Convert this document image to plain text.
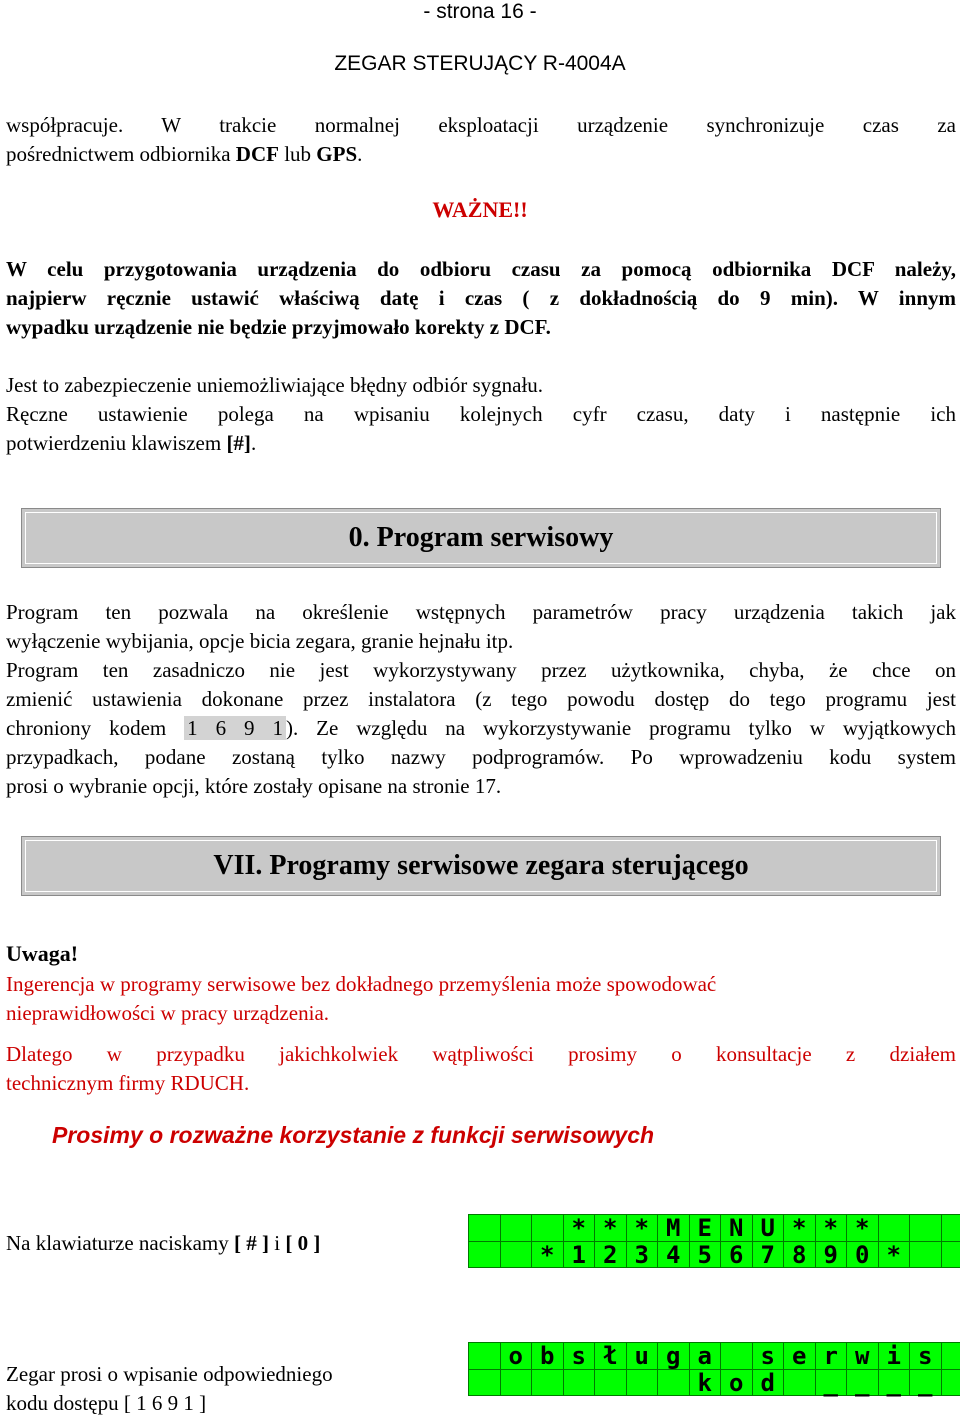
- strona 16 -
ZEGAR STERUJĄCY R-4004A
współpracuje. W trakcie normalnej eksploatacji urządzenie synchronizuje czas za
pośrednictwem odbiornika DCF lub GPS.
WAŻNE!!
W celu przygotowania urządzenia do odbioru czasu za pomocą odbiornika DCF należy,
najpierw ręcznie ustawić właściwą datę i czas ( z dokładnością do 9 min). W innym
wypadku urządzenie nie będzie przyjmowało korekty z DCF.
Jest to zabezpieczenie uniemożliwiające błędny odbiór sygnału.
Ręczne ustawienie polega na wpisaniu kolejnych cyfr czasu, daty i następnie ich
potwierdzeniu klawiszem [#].
0. Program serwisowy
Program ten pozwala na określenie wstępnych parametrów pracy urządzenia takich jak
wyłączenie wybijania, opcje bicia zegara, granie hejnału itp.
Program ten zasadniczo nie jest wykorzystywany przez użytkownika, chyba, że chce on
zmienić ustawienia dokonane przez instalatora (z tego powodu dostęp do tego programu jest
chroniony kodem 1 6 9 1 ). Ze względu na wykorzystywanie programu tylko w wyjątkowych
przypadkach, podane zostaną tylko nazwy podprogramów. Po wprowadzeniu kodu system
prosi o wybranie opcji, które zostały opisane na stronie 17.
VII. Programy serwisowe zegara sterującego
Uwaga!
Ingerencja w programy serwisowe bez dokładnego przemyślenia może spowodować
nieprawidłowości w pracy urządzenia.
Dlatego w przypadku jakichkolwiek wątpliwości prosimy o konsultacje z działem
technicznym firmy RDUCH.
Prosimy o rozważne korzystanie z funkcji serwisowych
Na klawiaturze naciskamy [ # ] i [ 0 ]
* * * M E N U * * *
* 1 2 3 4 5 6 7 8 9 0 *
Zegar prosi o wpisanie odpowiedniego
kodu dostępu [ 1 6 9 1 ]
o b s ł u g a	s e r w i s
k o d	_ _ _ _
